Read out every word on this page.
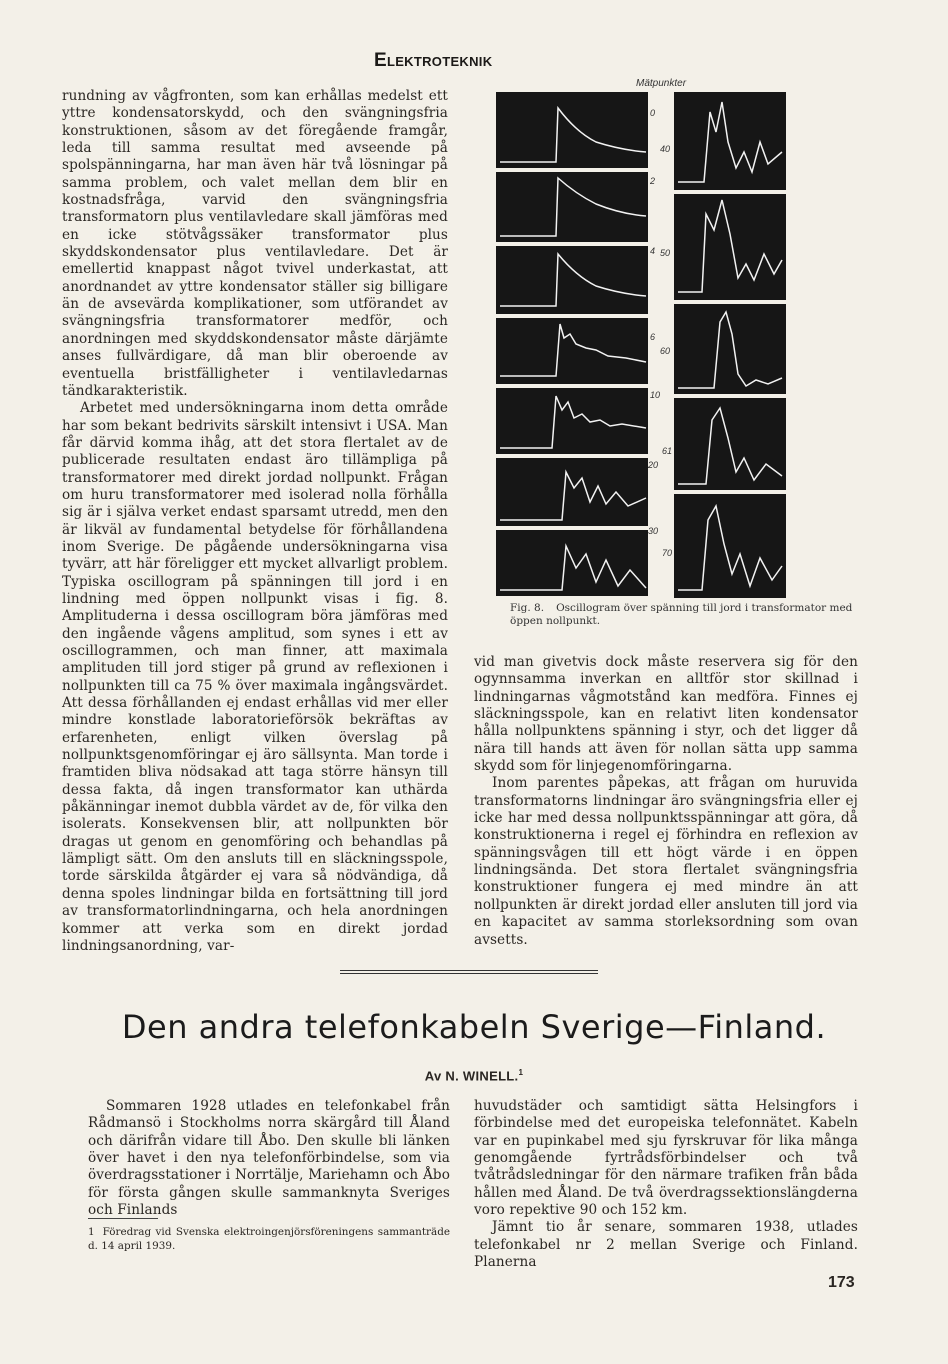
Elektroteknik

rundning av vågfronten, som kan erhållas medelst ett yttre kondensatorskydd, och den svängningsfria konstruktionen, såsom av det föregående framgår, leda till samma resultat med avseende på spolspänningarna, har man även här två lösningar på samma problem, och valet mellan dem blir en kostnadsfråga, varvid den svängningsfria transformatorn plus ventilavledare skall jämföras med en icke stötvågssäker transformator plus skyddskondensator plus ventilavledare. Det är emellertid knappast något tvivel underkastat, att anordnandet av yttre kondensator ställer sig billigare än de avsevärda komplikationer, som utförandet av svängningsfria transformatorer medför, och anordningen med skyddskondensator måste därjämte anses fullvärdigare, då man blir oberoende av eventuella bristfälligheter i ventilavledarnas tändkarakteristik.

Arbetet med undersökningarna inom detta område har som bekant bedrivits särskilt intensivt i USA. Man får därvid komma ihåg, att det stora flertalet av de publicerade resultaten endast äro tillämpliga på transformatorer med direkt jordad nollpunkt. Frågan om huru transformatorer med isolerad nolla förhålla sig är i själva verket endast sparsamt utredd, men den är likväl av fundamental betydelse för förhållandena inom Sverige. De pågående undersökningarna visa tyvärr, att här föreligger ett mycket allvarligt problem. Typiska oscillogram på spänningen till jord i en lindning med öppen nollpunkt visas i fig. 8. Amplituderna i dessa oscillogram böra jämföras med den ingående vågens amplitud, som synes i ett av oscillogrammen, och man finner, att maximala amplituden till jord stiger på grund av reflexionen i nollpunkten till ca 75 % över maximala ingångsvärdet. Att dessa förhållanden ej endast erhållas vid mer eller mindre konstlade laboratorieförsök bekräftas av erfarenheten, enligt vilken överslag på nollpunktsgenomföringar ej äro sällsynta. Man torde i framtiden bliva nödsakad att taga större hänsyn till dessa fakta, då ingen transformator kan uthärda påkänningar inemot dubbla värdet av de, för vilka den isolerats. Konsekvensen blir, att nollpunkten bör dragas ut genom en genomföring och behandlas på lämpligt sätt. Om den ansluts till en släckningsspole, torde särskilda åtgärder ej vara så nödvändiga, då denna spoles lindningar bilda en fortsättning till jord av transformatorlindningarna, och hela anordningen kommer att verka som en direkt jordad lindningsanordning, var-

Mätpunkter
0
2
4
6
10
20
30
40
50
60
61
70
Fig. 8. Oscillogram över spänning till jord i transformator med öppen nollpunkt.

vid man givetvis dock måste reservera sig för den ogynnsamma inverkan en alltför stor skillnad i lindningarnas vågmotstånd kan medföra. Finnes ej släckningsspole, kan en relativt liten kondensator hålla nollpunktens spänning i styr, och det ligger då nära till hands att även för nollan sätta upp samma skydd som för linjegenomföringarna.

Inom parentes påpekas, att frågan om huruvida transformatorns lindningar äro svängningsfria eller ej icke har med dessa nollpunktsspänningar att göra, då konstruktionerna i regel ej förhindra en reflexion av spänningsvågen till ett högt värde i en öppen lindningsända. Det stora flertalet svängningsfria konstruktioner fungera ej med mindre än att nollpunkten är direkt jordad eller ansluten till jord via en kapacitet av samma storleksordning som ovan avsetts.

Den andra telefonkabeln Sverige—Finland.
Av N. WINELL.$^1$

Sommaren 1928 utlades en telefonkabel från Rådmansö i Stockholms norra skärgård till Åland och därifrån vidare till Åbo. Den skulle bli länken över havet i den nya telefonförbindelse, som via överdragsstationer i Norrtälje, Mariehamn och Åbo för första gången skulle sammanknyta Sveriges och Finlands

huvudstäder och samtidigt sätta Helsingfors i förbindelse med det europeiska telefonnätet. Kabeln var en pupinkabel med sju fyrskruvar för lika många genomgående fyrtrådsförbindelser och två tvåtrådsledningar för den närmare trafiken från båda hållen med Åland. De två överdragssektionslängderna voro repektive 90 och 152 km.

Jämnt tio år senare, sommaren 1938, utlades telefonkabel nr 2 mellan Sverige och Finland. Planerna

1 Föredrag vid Svenska elektroingenjörsföreningens sammanträde d. 14 april 1939.
173
